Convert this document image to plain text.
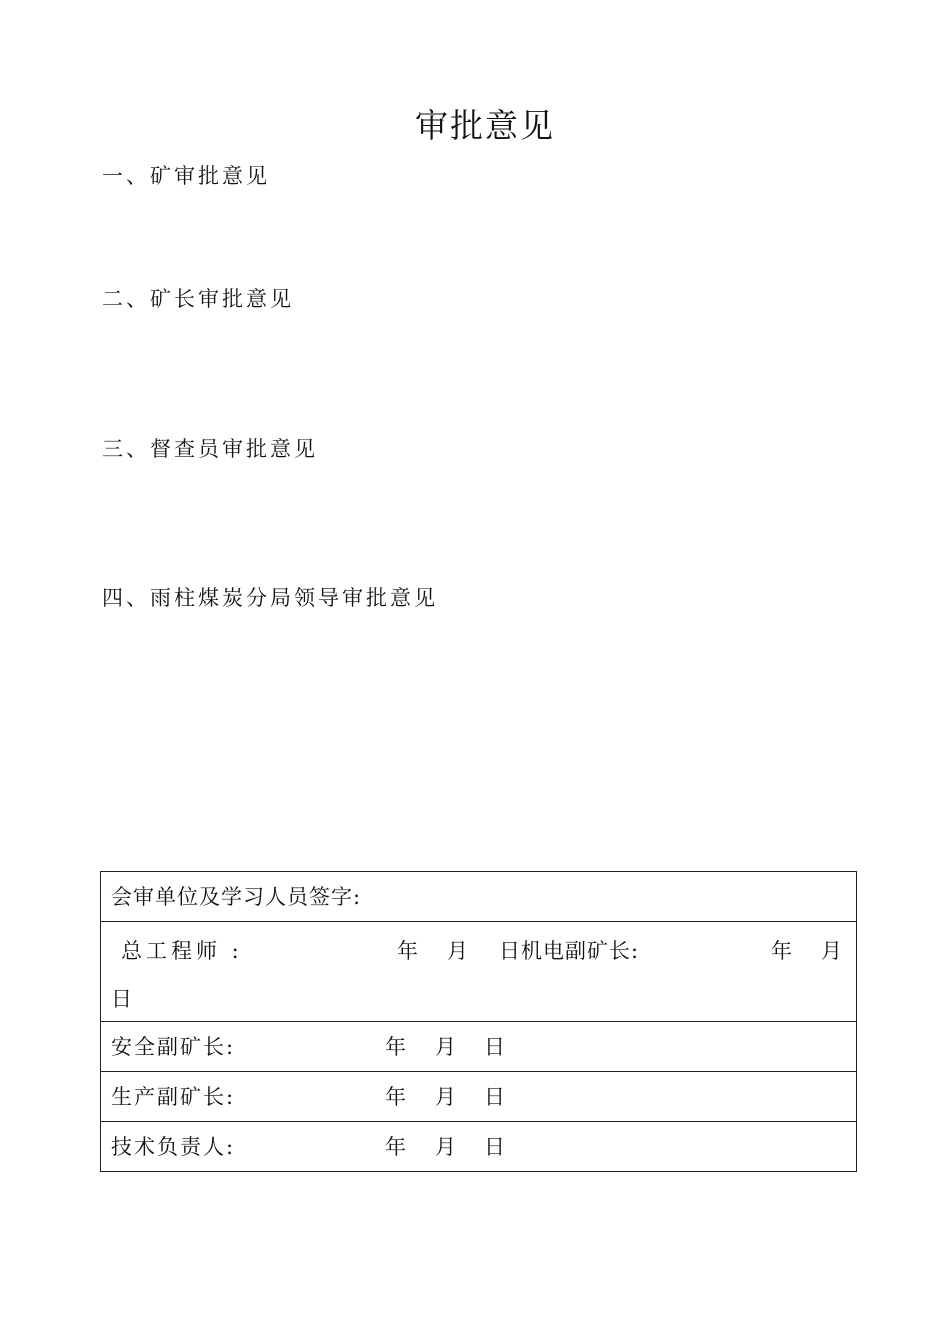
审批意见
一、矿审批意见
二、矿长审批意见
三、督查员审批意见
四、雨柱煤炭分局领导审批意见
会审单位及学习人员签字:

总工程师 :	年 月 日机电副矿长:	年 月
日

安全副矿长:	年 月 日

生产副矿长:	年 月 日

技术负责人:	年 月 日
